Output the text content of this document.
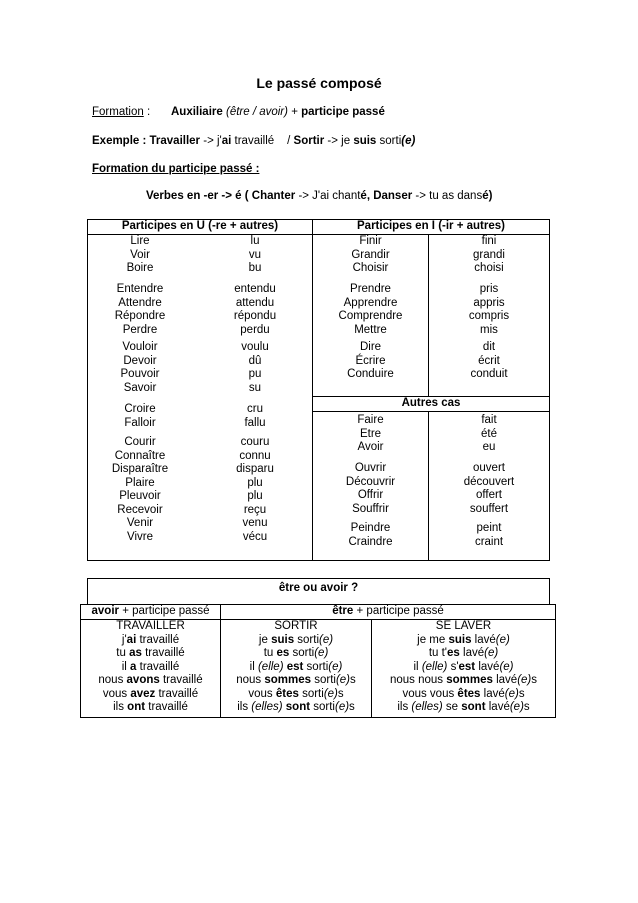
Le passé composé
Formation : Auxiliaire (être / avoir) + participe passé
Exemple : Travailler -> j'ai travaillé / Sortir -> je suis sorti(e)
Formation du participe passé :
Verbes en -er -> é ( Chanter -> J'ai chanté, Danser -> tu as dansé)
Participes en U (-re + autres)	Participes en I (-ir + autres)
Autres cas
Lire
Voir
Boire
lu
vu
bu
Entendre
Attendre
Répondre
Perdre
entendu
attendu
répondu
perdu
Vouloir
Devoir
Pouvoir
Savoir
voulu
dû
pu
su
Croire
Falloir
cru
fallu
Courir
Connaître
Disparaître
Plaire
Pleuvoir
Recevoir
Venir
Vivre
couru
connu
disparu
plu
plu
reçu
venu
vécu
Finir
Grandir
Choisir
fini
grandi
choisi
Prendre
Apprendre
Comprendre
Mettre
pris
appris
compris
mis
Dire
Écrire
Conduire
dit
écrit
conduit
Faire
Etre
Avoir
fait
été
eu
Ouvrir
Découvrir
Offrir
Souffrir
ouvert
découvert
offert
souffert
Peindre
Craindre
peint
craint
être ou avoir ?
avoir + participe passé	être + participe passé
TRAVAILLER
j'ai travaillé
tu as travaillé
il a travaillé
nous avons travaillé
vous avez travaillé
ils ont travaillé
SORTIR
je suis sorti(e)
tu es sorti(e)
il (elle) est sorti(e)
nous sommes sorti(e)s
vous êtes sorti(e)s
ils (elles) sont sorti(e)s
SE LAVER
je me suis lavé(e)
tu t'es lavé(e)
il (elle) s'est lavé(e)
nous nous sommes lavé(e)s
vous vous êtes lavé(e)s
ils (elles) se sont lavé(e)s
